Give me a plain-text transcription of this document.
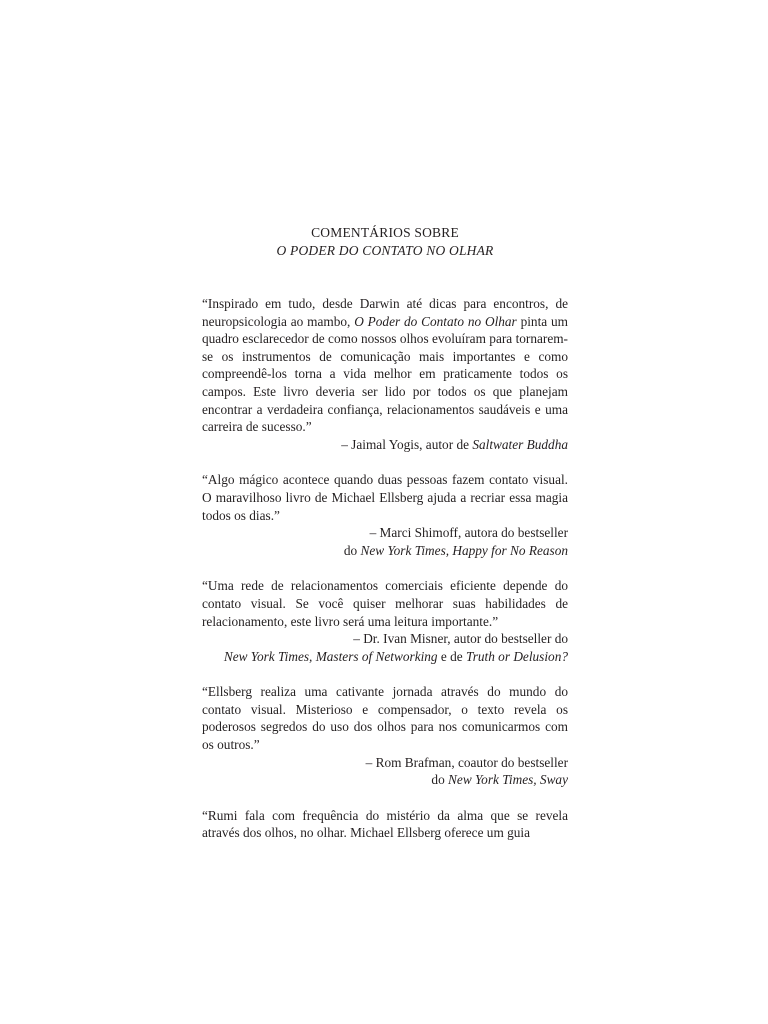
COMENTÁRIOS SOBRE
O PODER DO CONTATO NO OLHAR

“Inspirado em tudo, desde Darwin até dicas para encontros, de neuropsicologia ao mambo, O Poder do Contato no Olhar pinta um quadro esclarecedor de como nossos olhos evoluíram para tornarem-se os instrumentos de comunicação mais importantes e como compreendê-los torna a vida melhor em praticamente todos os campos. Este livro deveria ser lido por todos os que planejam encontrar a verdadeira confiança, relacionamentos saudáveis e uma carreira de sucesso.”

– Jaimal Yogis, autor de Saltwater Buddha

“Algo mágico acontece quando duas pessoas fazem contato visual. O maravilhoso livro de Michael Ellsberg ajuda a recriar essa magia todos os dias.”

– Marci Shimoff, autora do bestseller
do New York Times, Happy for No Reason

“Uma rede de relacionamentos comerciais eficiente depende do contato visual. Se você quiser melhorar suas habilidades de relacionamento, este livro será uma leitura importante.”

– Dr. Ivan Misner, autor do bestseller do
New York Times, Masters of Networking e de Truth or Delusion?

“Ellsberg realiza uma cativante jornada através do mundo do contato visual. Misterioso e compensador, o texto revela os poderosos segredos do uso dos olhos para nos comunicarmos com os outros.”

– Rom Brafman, coautor do bestseller
do New York Times, Sway

“Rumi fala com frequência do mistério da alma que se revela através dos olhos, no olhar. Michael Ellsberg oferece um guia
